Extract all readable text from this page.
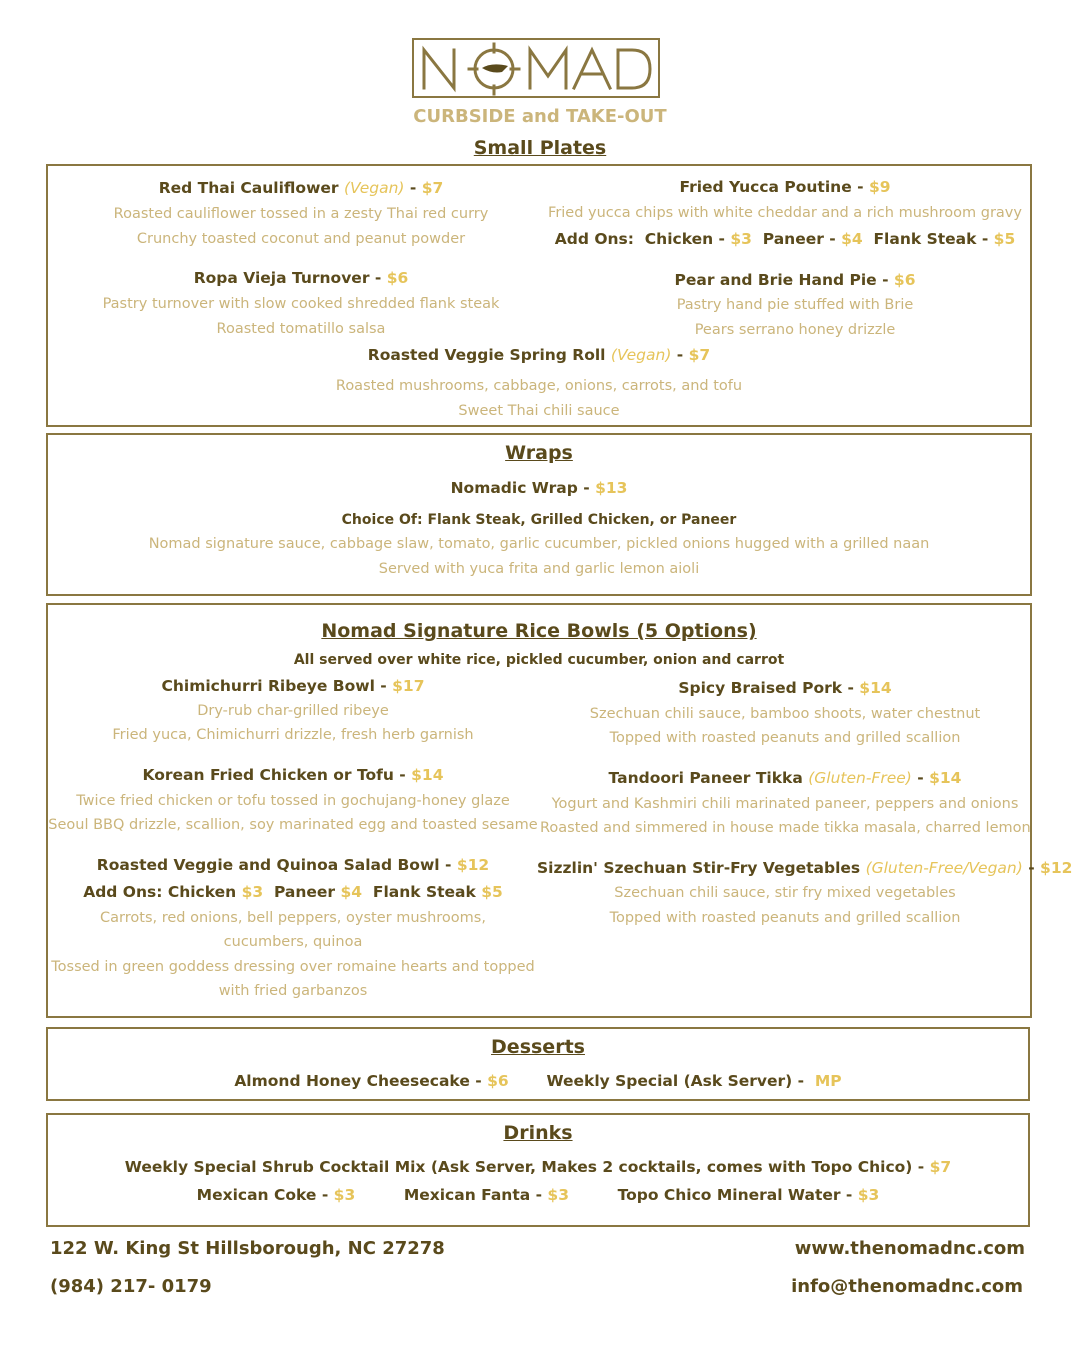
CURBSIDE and TAKE-OUT
Small Plates
Red Thai Cauliflower (Vegan) - $7
Roasted cauliflower tossed in a zesty Thai red curry
Crunchy toasted coconut and peanut powder
Fried Yucca Poutine - $9
Fried yucca chips with white cheddar and a rich mushroom gravy
Add Ons: Chicken - $3 Paneer - $4 Flank Steak - $5
Ropa Vieja Turnover - $6
Pastry turnover with slow cooked shredded flank steak
Roasted tomatillo salsa
Pear and Brie Hand Pie - $6
Pastry hand pie stuffed with Brie
Pears serrano honey drizzle
Roasted Veggie Spring Roll (Vegan) - $7
Roasted mushrooms, cabbage, onions, carrots, and tofu
Sweet Thai chili sauce
Wraps
Nomadic Wrap - $13
Choice Of: Flank Steak, Grilled Chicken, or Paneer
Nomad signature sauce, cabbage slaw, tomato, garlic cucumber, pickled onions hugged with a grilled naan
Served with yuca frita and garlic lemon aioli
Nomad Signature Rice Bowls (5 Options)
All served over white rice, pickled cucumber, onion and carrot
Chimichurri Ribeye Bowl - $17
Dry-rub char-grilled ribeye
Fried yuca, Chimichurri drizzle, fresh herb garnish
Spicy Braised Pork - $14
Szechuan chili sauce, bamboo shoots, water chestnut
Topped with roasted peanuts and grilled scallion
Korean Fried Chicken or Tofu - $14
Twice fried chicken or tofu tossed in gochujang-honey glaze
Seoul BBQ drizzle, scallion, soy marinated egg and toasted sesame
Tandoori Paneer Tikka (Gluten-Free) - $14
Yogurt and Kashmiri chili marinated paneer, peppers and onions
Roasted and simmered in house made tikka masala, charred lemon
Roasted Veggie and Quinoa Salad Bowl - $12
Add Ons: Chicken $3 Paneer $4 Flank Steak $5
Carrots, red onions, bell peppers, oyster mushrooms,
cucumbers, quinoa
Tossed in green goddess dressing over romaine hearts and topped
with fried garbanzos
Sizzlin' Szechuan Stir-Fry Vegetables (Gluten-Free/Vegan) - $12
Szechuan chili sauce, stir fry mixed vegetables
Topped with roasted peanuts and grilled scallion
Desserts
Almond Honey Cheesecake - $6 Weekly Special (Ask Server) -  MP
Drinks
Weekly Special Shrub Cocktail Mix (Ask Server, Makes 2 cocktails, comes with Topo Chico) - $7
Mexican Coke - $3	Mexican Fanta - $3	Topo Chico Mineral Water - $3
122 W. King St Hillsborough, NC 27278
(984) 217- 0179
www.thenomadnc.com
info@thenomadnc.com
